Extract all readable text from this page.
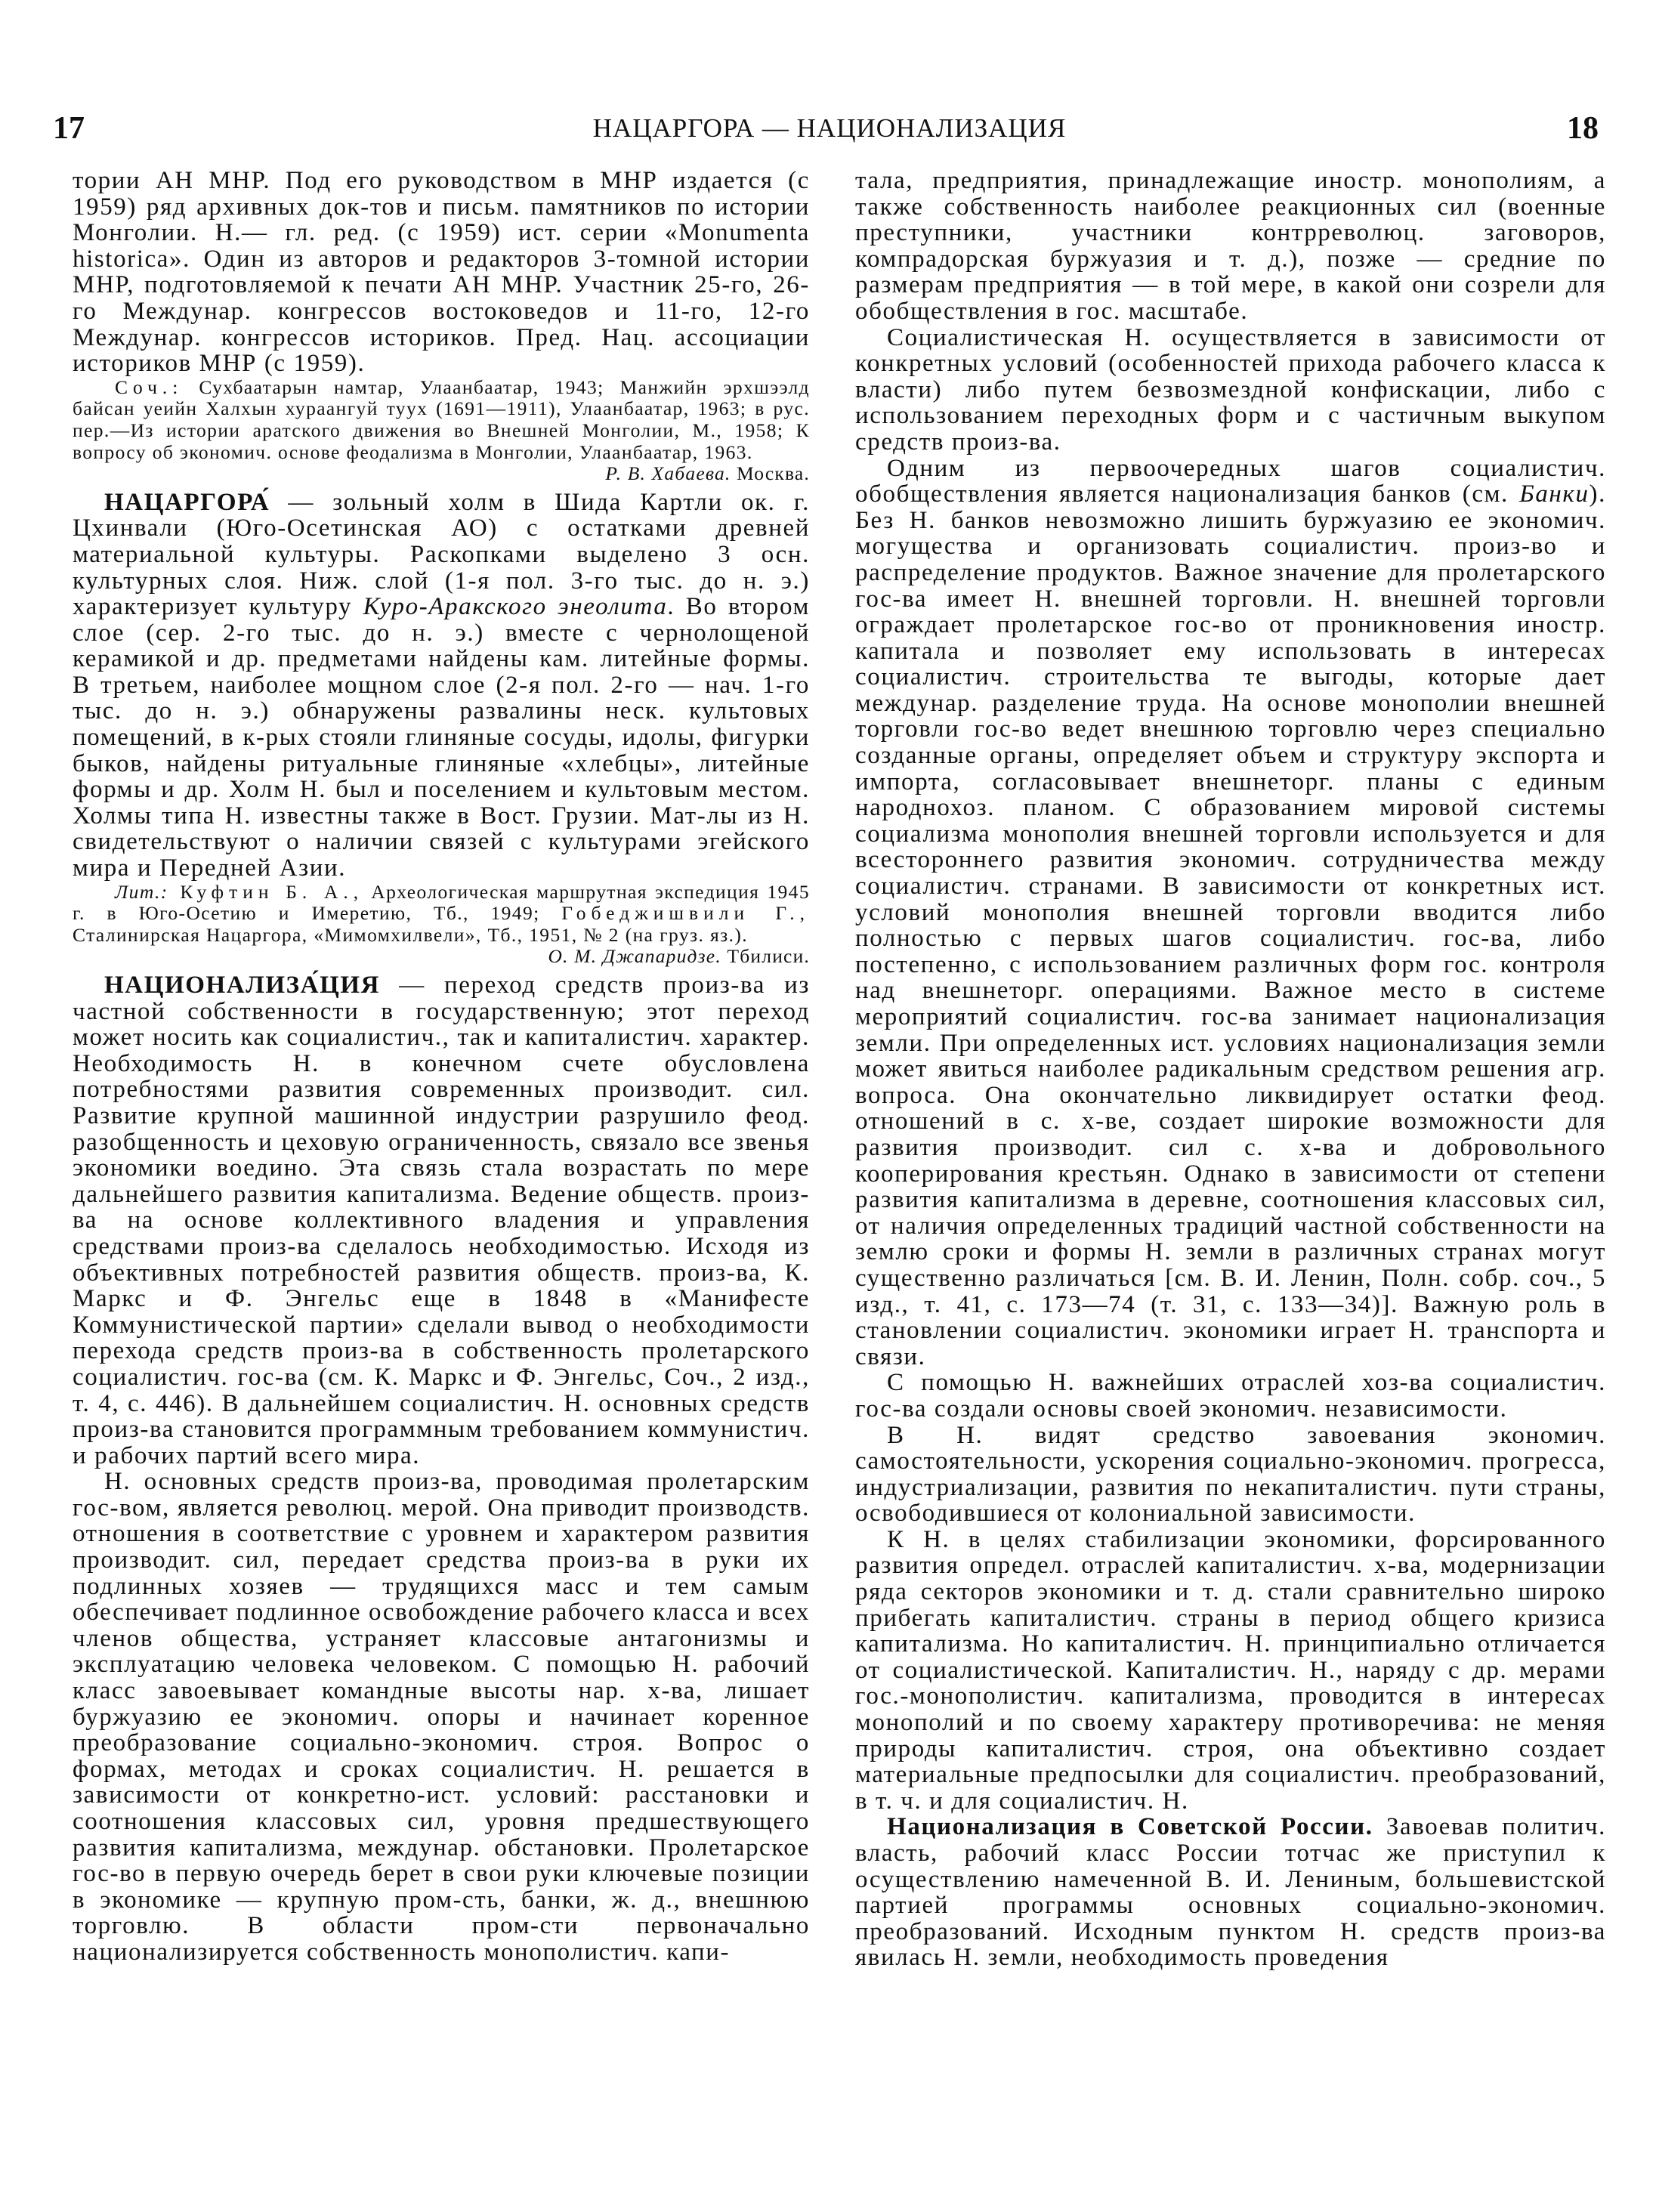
17	НАЦАРГОРА — НАЦИОНАЛИЗАЦИЯ	18

тории АН МНР. Под его руководством в МНР издается (с 1959) ряд архивных док-тов и письм. памятников по истории Монголии. Н.— гл. ред. (с 1959) ист. серии «Monumenta historica». Один из авторов и редакторов 3-томной истории МНР, подготовляемой к печати АН МНР. Участник 25-го, 26-го Междунар. конгрессов востоковедов и 11-го, 12-го Междунар. конгрессов историков. Пред. Нац. ассоциации историков МНР (с 1959).

Соч.: Сухбаатарын намтар, Улаанбаатар, 1943; Манжийн эрхшээлд байсан уеийн Халхын хураангуй туух (1691—1911), Улаанбаатар, 1963; в рус. пер.—Из истории аратского движения во Внешней Монголии, М., 1958; К вопросу об экономич. основе феодализма в Монголии, Улаанбаатар, 1963.

Р. В. Хабаева. Москва.

НАЦАРГОРА́ — зольный холм в Шида Картли ок. г. Цхинвали (Юго-Осетинская АО) с остатками древней материальной культуры. Раскопками выделено 3 осн. культурных слоя. Ниж. слой (1-я пол. 3-го тыс. до н. э.) характеризует культуру Куро-Аракского энеолита. Во втором слое (сер. 2-го тыс. до н. э.) вместе с чернолощеной керамикой и др. предметами найдены кам. литейные формы. В третьем, наиболее мощном слое (2-я пол. 2-го — нач. 1-го тыс. до н. э.) обнаружены развалины неск. культовых помещений, в к-рых стояли глиняные сосуды, идолы, фигурки быков, найдены ритуальные глиняные «хлебцы», литейные формы и др. Холм Н. был и поселением и культовым местом. Холмы типа Н. известны также в Вост. Грузии. Мат-лы из Н. свидетельствуют о наличии связей с культурами эгейского мира и Передней Азии.

Лит.: Куфтин Б. А., Археологическая маршрутная экспедиция 1945 г. в Юго-Осетию и Имеретию, Тб., 1949; Гобеджишвили Г., Сталинирская Нацаргора, «Мимомхилвели», Тб., 1951, № 2 (на груз. яз.).

О. М. Джапаридзе. Тбилиси.

НАЦИОНАЛИЗА́ЦИЯ — переход средств произ-ва из частной собственности в государственную; этот переход может носить как социалистич., так и капиталистич. характер. Необходимость Н. в конечном счете обусловлена потребностями развития современных производит. сил. Развитие крупной машинной индустрии разрушило феод. разобщенность и цеховую ограниченность, связало все звенья экономики воедино. Эта связь стала возрастать по мере дальнейшего развития капитализма. Ведение обществ. произ-ва на основе коллективного владения и управления средствами произ-ва сделалось необходимостью. Исходя из объективных потребностей развития обществ. произ-ва, К. Маркс и Ф. Энгельс еще в 1848 в «Манифесте Коммунистической партии» сделали вывод о необходимости перехода средств произ-ва в собственность пролетарского социалистич. гос-ва (см. К. Маркс и Ф. Энгельс, Соч., 2 изд., т. 4, с. 446). В дальнейшем социалистич. Н. основных средств произ-ва становится программным требованием коммунистич. и рабочих партий всего мира.

Н. основных средств произ-ва, проводимая пролетарским гос-вом, является революц. мерой. Она приводит производств. отношения в соответствие с уровнем и характером развития производит. сил, передает средства произ-ва в руки их подлинных хозяев — трудящихся масс и тем самым обеспечивает подлинное освобождение рабочего класса и всех членов общества, устраняет классовые антагонизмы и эксплуатацию человека человеком. С помощью Н. рабочий класс завоевывает командные высоты нар. х-ва, лишает буржуазию ее экономич. опоры и начинает коренное преобразование социально-экономич. строя. Вопрос о формах, методах и сроках социалистич. Н. решается в зависимости от конкретно-ист. условий: расстановки и соотношения классовых сил, уровня предшествующего развития капитализма, междунар. обстановки. Пролетарское гос-во в первую очередь берет в свои руки ключевые позиции в экономике — крупную пром-сть, банки, ж. д., внешнюю торговлю. В области пром-сти первоначально национализируется собственность монополистич. капи-

тала, предприятия, принадлежащие иностр. монополиям, а также собственность наиболее реакционных сил (военные преступники, участники контрреволюц. заговоров, компрадорская буржуазия и т. д.), позже — средние по размерам предприятия — в той мере, в какой они созрели для обобществления в гос. масштабе.

Социалистическая Н. осуществляется в зависимости от конкретных условий (особенностей прихода рабочего класса к власти) либо путем безвозмездной конфискации, либо с использованием переходных форм и с частичным выкупом средств произ-ва.

Одним из первоочередных шагов социалистич. обобществления является национализация банков (см. Банки). Без Н. банков невозможно лишить буржуазию ее экономич. могущества и организовать социалистич. произ-во и распределение продуктов. Важное значение для пролетарского гос-ва имеет Н. внешней торговли. Н. внешней торговли ограждает пролетарское гос-во от проникновения иностр. капитала и позволяет ему использовать в интересах социалистич. строительства те выгоды, которые дает междунар. разделение труда. На основе монополии внешней торговли гос-во ведет внешнюю торговлю через специально созданные органы, определяет объем и структуру экспорта и импорта, согласовывает внешнеторг. планы с единым народнохоз. планом. С образованием мировой системы социализма монополия внешней торговли используется и для всестороннего развития экономич. сотрудничества между социалистич. странами. В зависимости от конкретных ист. условий монополия внешней торговли вводится либо полностью с первых шагов социалистич. гос-ва, либо постепенно, с использованием различных форм гос. контроля над внешнеторг. операциями. Важное место в системе мероприятий социалистич. гос-ва занимает национализация земли. При определенных ист. условиях национализация земли может явиться наиболее радикальным средством решения агр. вопроса. Она окончательно ликвидирует остатки феод. отношений в с. х-ве, создает широкие возможности для развития производит. сил с. х-ва и добровольного кооперирования крестьян. Однако в зависимости от степени развития капитализма в деревне, соотношения классовых сил, от наличия определенных традиций частной собственности на землю сроки и формы Н. земли в различных странах могут существенно различаться [см. В. И. Ленин, Полн. собр. соч., 5 изд., т. 41, с. 173—74 (т. 31, с. 133—34)]. Важную роль в становлении социалистич. экономики играет Н. транспорта и связи.

С помощью Н. важнейших отраслей хоз-ва социалистич. гос-ва создали основы своей экономич. независимости.

В Н. видят средство завоевания экономич. самостоятельности, ускорения социально-экономич. прогресса, индустриализации, развития по некапиталистич. пути страны, освободившиеся от колониальной зависимости.

К Н. в целях стабилизации экономики, форсированного развития определ. отраслей капиталистич. х-ва, модернизации ряда секторов экономики и т. д. стали сравнительно широко прибегать капиталистич. страны в период общего кризиса капитализма. Но капиталистич. Н. принципиально отличается от социалистической. Капиталистич. Н., наряду с др. мерами гос.-монополистич. капитализма, проводится в интересах монополий и по своему характеру противоречива: не меняя природы капиталистич. строя, она объективно создает материальные предпосылки для социалистич. преобразований, в т. ч. и для социалистич. Н.

Национализация в Советской России. Завоевав политич. власть, рабочий класс России тотчас же приступил к осуществлению намеченной В. И. Лениным, большевистской партией программы основных социально-экономич. преобразований. Исходным пунктом Н. средств произ-ва явилась Н. земли, необходимость проведения
